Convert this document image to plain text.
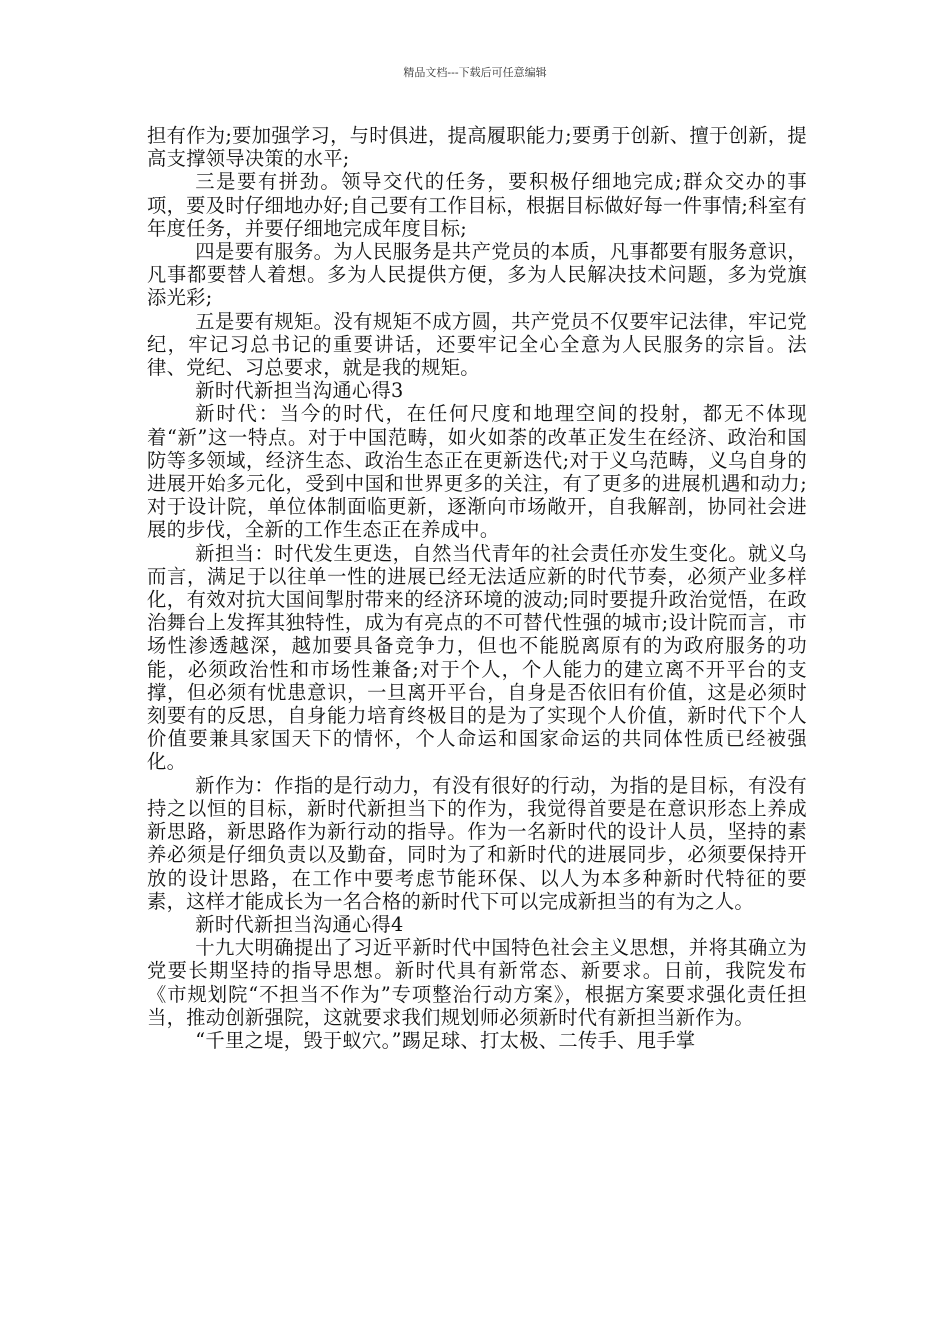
精品文档---下载后可任意编辑

担有作为;要加强学习，与时俱进，提高履职能力;要勇于创新、擅于创新，提高支撑领导决策的水平;

三是要有拼劲。领导交代的任务，要积极仔细地完成;群众交办的事项，要及时仔细地办好;自己要有工作目标，根据目标做好每一件事情;科室有年度任务，并要仔细地完成年度目标;

四是要有服务。为人民服务是共产党员的本质，凡事都要有服务意识，凡事都要替人着想。多为人民提供方便，多为人民解决技术问题，多为党旗添光彩;

五是要有规矩。没有规矩不成方圆，共产党员不仅要牢记法律，牢记党纪，牢记习总书记的重要讲话，还要牢记全心全意为人民服务的宗旨。法律、党纪、习总要求，就是我的规矩。

新时代新担当沟通心得3

新时代：当今的时代，在任何尺度和地理空间的投射，都无不体现着“新”这一特点。对于中国范畴，如火如荼的改革正发生在经济、政治和国防等多领域，经济生态、政治生态正在更新迭代;对于义乌范畴，义乌自身的进展开始多元化，受到中国和世界更多的关注，有了更多的进展机遇和动力;对于设计院，单位体制面临更新，逐渐向市场敞开，自我解剖，协同社会进展的步伐，全新的工作生态正在养成中。

新担当：时代发生更迭，自然当代青年的社会责任亦发生变化。就义乌而言，满足于以往单一性的进展已经无法适应新的时代节奏，必须产业多样化，有效对抗大国间掣肘带来的经济环境的波动;同时要提升政治觉悟，在政治舞台上发挥其独特性，成为有亮点的不可替代性强的城市;设计院而言，市场性渗透越深，越加要具备竞争力，但也不能脱离原有的为政府服务的功能，必须政治性和市场性兼备;对于个人，个人能力的建立离不开平台的支撑，但必须有忧患意识，一旦离开平台，自身是否依旧有价值，这是必须时刻要有的反思，自身能力培育终极目的是为了实现个人价值，新时代下个人价值要兼具家国天下的情怀，个人命运和国家命运的共同体性质已经被强化。

新作为：作指的是行动力，有没有很好的行动，为指的是目标，有没有持之以恒的目标，新时代新担当下的作为，我觉得首要是在意识形态上养成新思路，新思路作为新行动的指导。作为一名新时代的设计人员，坚持的素养必须是仔细负责以及勤奋，同时为了和新时代的进展同步，必须要保持开放的设计思路，在工作中要考虑节能环保、以人为本多种新时代特征的要素，这样才能成长为一名合格的新时代下可以完成新担当的有为之人。

新时代新担当沟通心得4

十九大明确提出了习近平新时代中国特色社会主义思想，并将其确立为党要长期坚持的指导思想。新时代具有新常态、新要求。日前，我院发布《市规划院“不担当不作为”专项整治行动方案》，根据方案要求强化责任担当，推动创新强院，这就要求我们规划师必须新时代有新担当新作为。

“千里之堤，毁于蚁穴。”踢足球、打太极、二传手、甩手掌
